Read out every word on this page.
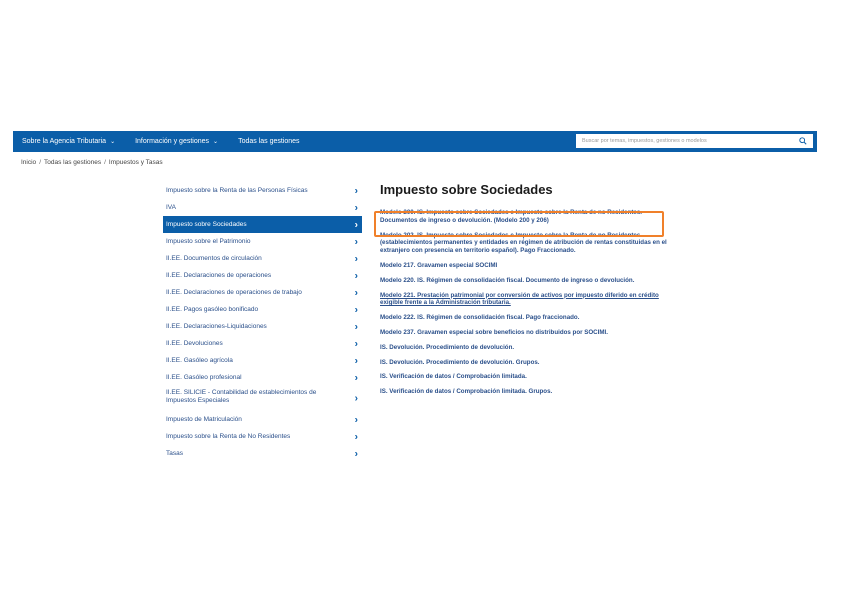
Sobre la Agencia Tributaria ⌄	Información y gestiones ⌄	Todas las gestiones
Buscar por temas, impuestos, gestiones o modelos
Inicio / Todas las gestiones / Impuestos y Tasas
Impuesto sobre la Renta de las Personas Físicas	›
IVA	›
Impuesto sobre Sociedades	›
Impuesto sobre el Patrimonio	›
II.EE. Documentos de circulación	›
II.EE. Declaraciones de operaciones	›
II.EE. Declaraciones de operaciones de trabajo	›
II.EE. Pagos gasóleo bonificado	›
II.EE. Declaraciones-Liquidaciones	›
II.EE. Devoluciones	›
II.EE. Gasóleo agrícola	›
II.EE. Gasóleo profesional	›
II.EE. SILICIE - Contabilidad de establecimientos de Impuestos Especiales	›
Impuesto de Matriculación	›
Impuesto sobre la Renta de No Residentes	›
Tasas	›
Impuesto sobre Sociedades
Modelo 200. IS. Impuesto sobre Sociedades e Impuesto sobre la Renta de no Residentes. Documentos de ingreso o devolución. (Modelo 200 y 206)
Modelo 202. IS. Impuesto sobre Sociedades e Impuesto sobre la Renta de no Residentes (establecimientos permanentes y entidades en régimen de atribución de rentas constituidas en el extranjero con presencia en territorio español). Pago Fraccionado.
Modelo 217. Gravamen especial SOCIMI
Modelo 220. IS. Régimen de consolidación fiscal. Documento de ingreso o devolución.
Modelo 221. Prestación patrimonial por conversión de activos por impuesto diferido en crédito exigible frente a la Administración tributaria.
Modelo 222. IS. Régimen de consolidación fiscal. Pago fraccionado.
Modelo 237. Gravamen especial sobre beneficios no distribuidos por SOCIMI.
IS. Devolución. Procedimiento de devolución.
IS. Devolución. Procedimiento de devolución. Grupos.
IS. Verificación de datos / Comprobación limitada.
IS. Verificación de datos / Comprobación limitada. Grupos.
